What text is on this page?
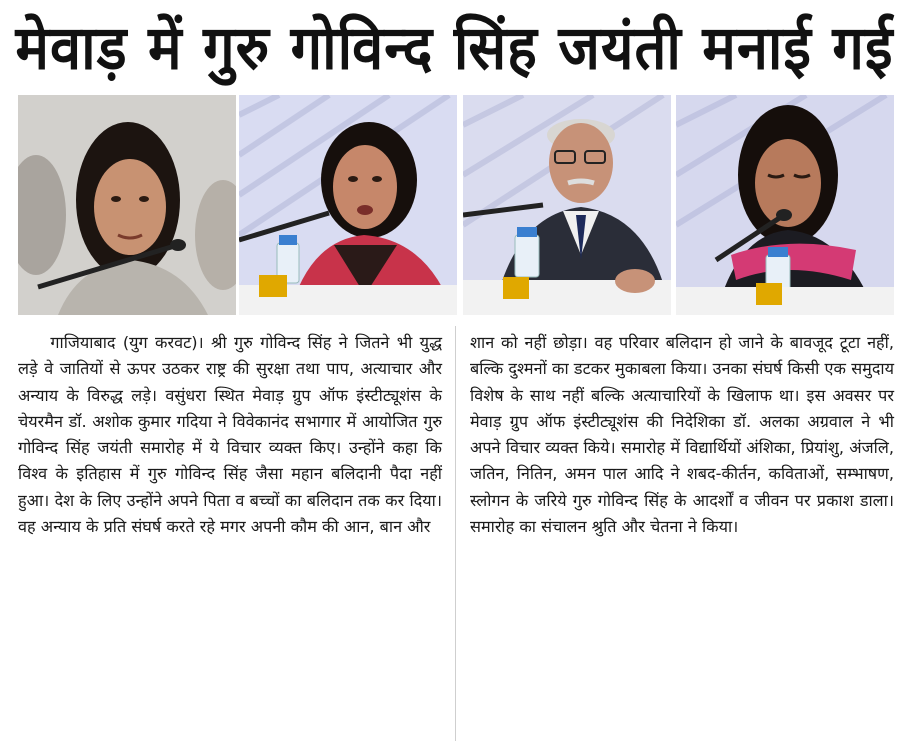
मेवाड़ में गुरु गोविन्द सिंह जयंती मनाई गई

गाजियाबाद (युग करवट)। श्री गुरु गोविन्द सिंह ने जितने भी युद्ध लड़े वे जातियों से ऊपर उठकर राष्ट्र की सुरक्षा तथा पाप, अत्याचार और अन्याय के विरुद्ध लड़े। वसुंधरा स्थित मेवाड़ ग्रुप ऑफ इंस्टीट्यूशंस के चेयरमैन डॉ. अशोक कुमार गदिया ने विवेकानंद सभागार में आयोजित गुरु गोविन्द सिंह जयंती समारोह में ये विचार व्यक्त किए। उन्होंने कहा कि विश्व के इतिहास में गुरु गोविन्द सिंह जैसा महान बलिदानी पैदा नहीं हुआ। देश के लिए उन्होंने अपने पिता व बच्चों का बलिदान तक कर दिया। वह अन्याय के प्रति संघर्ष करते रहे मगर अपनी कौम की आन, बान और

शान को नहीं छोड़ा। वह परिवार बलिदान हो जाने के बावजूद टूटा नहीं, बल्कि दुश्मनों का डटकर मुकाबला किया। उनका संघर्ष किसी एक समुदाय विशेष के साथ नहीं बल्कि अत्याचारियों के खिलाफ था। इस अवसर पर मेवाड़ ग्रुप ऑफ इंस्टीट्यूशंस की निदेशिका डॉ. अलका अग्रवाल ने भी अपने विचार व्यक्त किये। समारोह में विद्यार्थियों अंशिका, प्रियांशु, अंजलि, जतिन, नितिन, अमन पाल आदि ने शबद-कीर्तन, कविताओं, सम्भाषण, स्लोगन के जरिये गुरु गोविन्द सिंह के आदर्शों व जीवन पर प्रकाश डाला। समारोह का संचालन श्रुति और चेतना ने किया।
